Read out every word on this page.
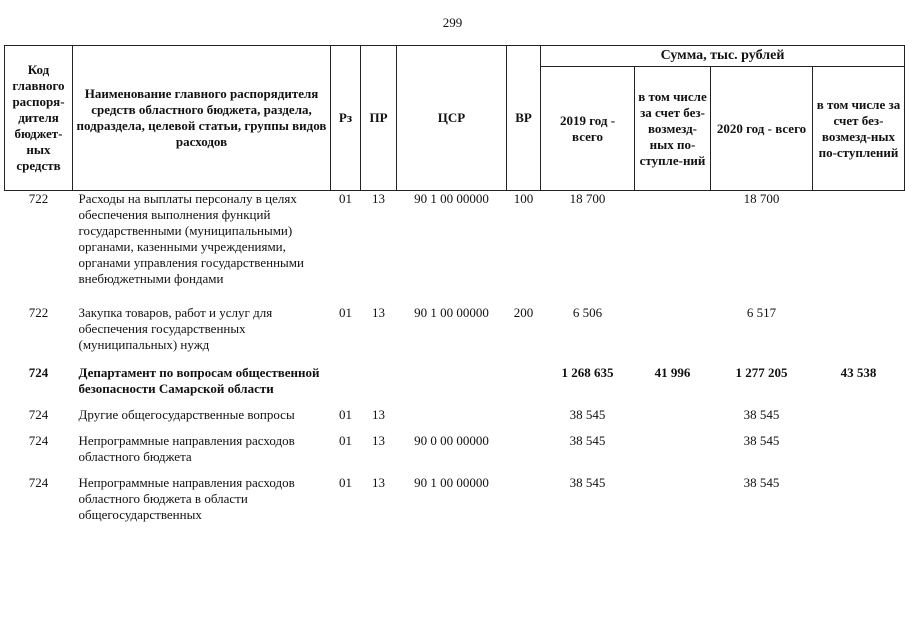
299
Код главного распоря-дителя бюджет-ных средств	Наименование главного распорядителя средств областного бюджета, раздела, подраздела, целевой статьи, группы видов расходов	Рз	ПР	ЦСР	ВР	Сумма, тыс. рублей			
						2019 год - всего	в том числе за счет без-возмезд-ных по-ступле-ний	2020 год - всего	в том числе за счет без-возмезд-ных по-ступлений
722	Расходы на выплаты персоналу в целях обеспечения выполнения функций государственными (муниципальными) органами, казенными учреждениями, органами управления государственными внебюджетными фондами	01	13	90 1 00 00000	100	18 700		18 700	
722	Закупка товаров, работ и услуг для обеспечения государственных (муниципальных) нужд	01	13	90 1 00 00000	200	6 506		6 517	
724	Департамент по вопросам общественной безопасности Самарской области					1 268 635	41 996	1 277 205	43 538
724	Другие общегосударственные вопросы	01	13			38 545		38 545	
724	Непрограммные направления расходов областного бюджета	01	13	90 0 00 00000		38 545		38 545	
724	Непрограммные направления расходов областного бюджета в области общегосударственных	01	13	90 1 00 00000		38 545		38 545	
